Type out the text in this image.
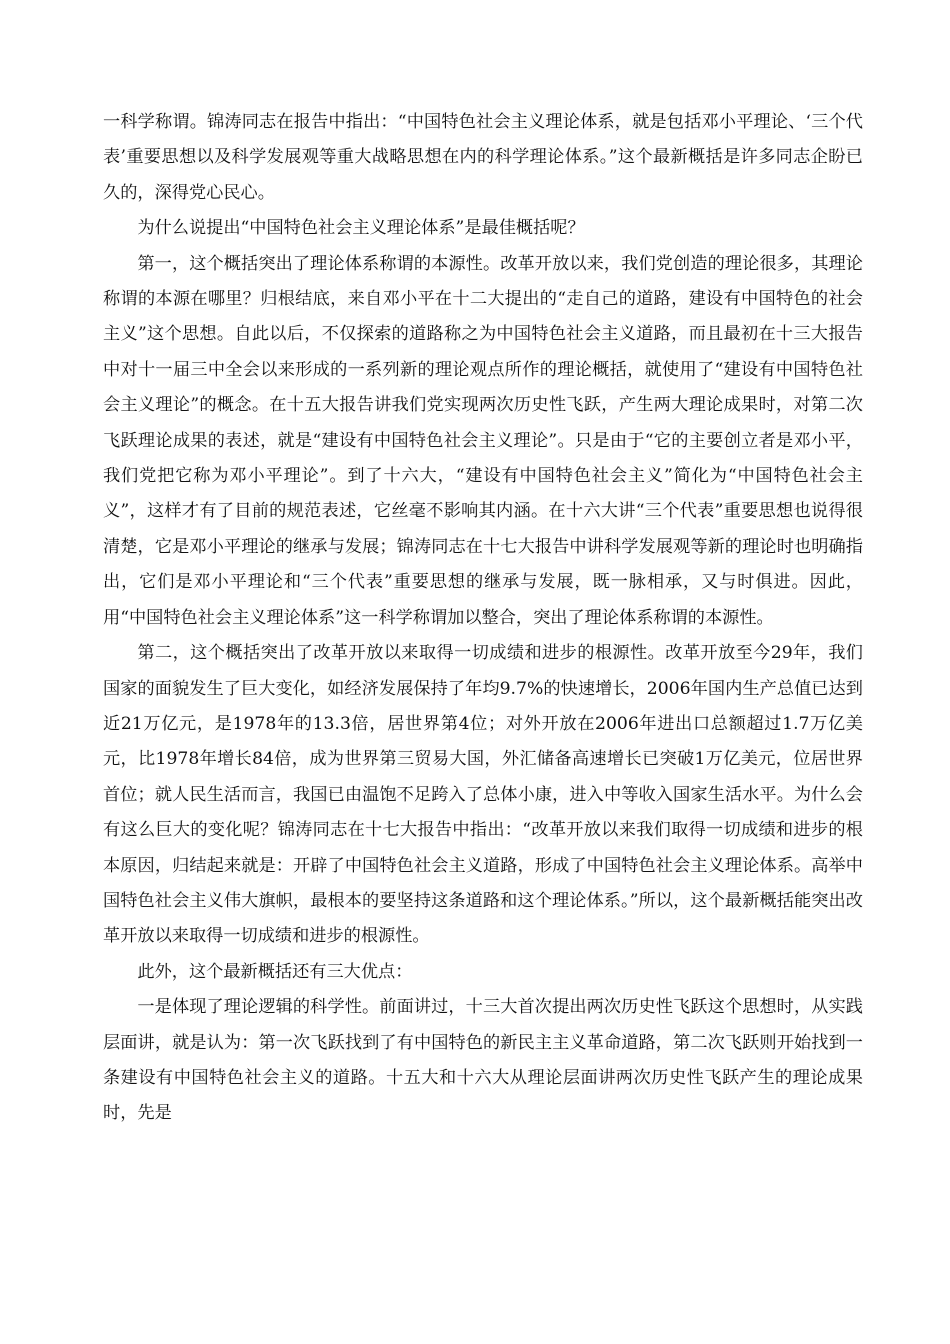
一科学称谓。锦涛同志在报告中指出：“中国特色社会主义理论体系，就是包括邓小平理论、‘三个代表’重要思想以及科学发展观等重大战略思想在内的科学理论体系。”这个最新概括是许多同志企盼已久的，深得党心民心。

为什么说提出“中国特色社会主义理论体系”是最佳概括呢？

第一，这个概括突出了理论体系称谓的本源性。改革开放以来，我们党创造的理论很多，其理论称谓的本源在哪里？归根结底，来自邓小平在十二大提出的“走自己的道路，建设有中国特色的社会主义”这个思想。自此以后，不仅探索的道路称之为中国特色社会主义道路，而且最初在十三大报告中对十一届三中全会以来形成的一系列新的理论观点所作的理论概括，就使用了“建设有中国特色社会主义理论”的概念。在十五大报告讲我们党实现两次历史性飞跃，产生两大理论成果时，对第二次飞跃理论成果的表述，就是“建设有中国特色社会主义理论”。只是由于“它的主要创立者是邓小平，我们党把它称为邓小平理论”。到了十六大，“建设有中国特色社会主义”简化为“中国特色社会主义”，这样才有了目前的规范表述，它丝毫不影响其内涵。在十六大讲“三个代表”重要思想也说得很清楚，它是邓小平理论的继承与发展；锦涛同志在十七大报告中讲科学发展观等新的理论时也明确指出，它们是邓小平理论和“三个代表”重要思想的继承与发展，既一脉相承，又与时俱进。因此，用“中国特色社会主义理论体系”这一科学称谓加以整合，突出了理论体系称谓的本源性。

第二，这个概括突出了改革开放以来取得一切成绩和进步的根源性。改革开放至今29年，我们国家的面貌发生了巨大变化，如经济发展保持了年均9.7%的快速增长，2006年国内生产总值已达到近21万亿元，是1978年的13.3倍，居世界第4位；对外开放在2006年进出口总额超过1.7万亿美元，比1978年增长84倍，成为世界第三贸易大国，外汇储备高速增长已突破1万亿美元，位居世界首位；就人民生活而言，我国已由温饱不足跨入了总体小康，进入中等收入国家生活水平。为什么会有这么巨大的变化呢？锦涛同志在十七大报告中指出：“改革开放以来我们取得一切成绩和进步的根本原因，归结起来就是：开辟了中国特色社会主义道路，形成了中国特色社会主义理论体系。高举中国特色社会主义伟大旗帜，最根本的要坚持这条道路和这个理论体系。”所以，这个最新概括能突出改革开放以来取得一切成绩和进步的根源性。

此外，这个最新概括还有三大优点：

一是体现了理论逻辑的科学性。前面讲过，十三大首次提出两次历史性飞跃这个思想时，从实践层面讲，就是认为：第一次飞跃找到了有中国特色的新民主主义革命道路，第二次飞跃则开始找到一条建设有中国特色社会主义的道路。十五大和十六大从理论层面讲两次历史性飞跃产生的理论成果时，先是
